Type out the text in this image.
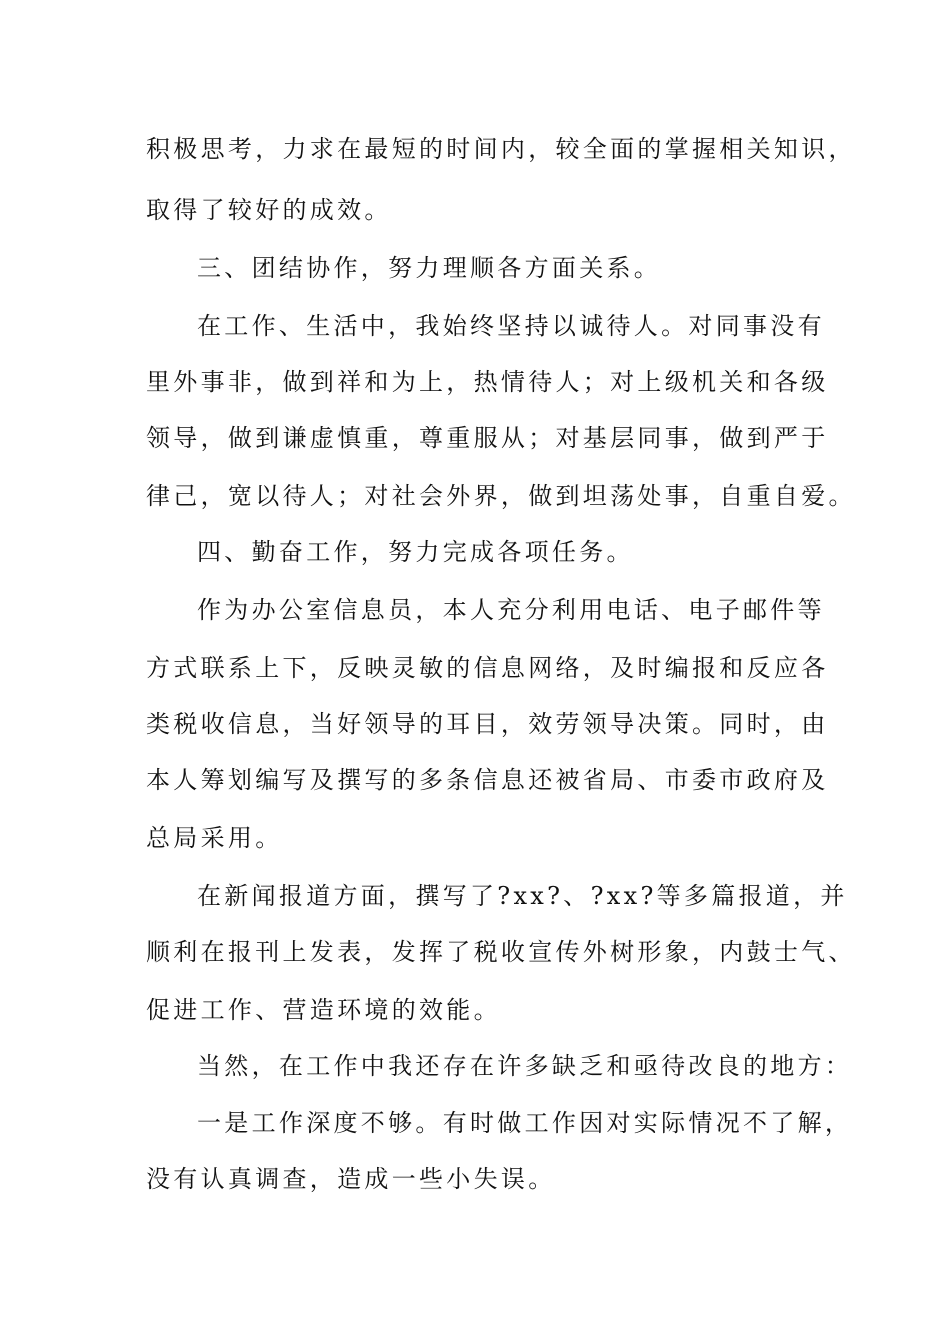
积极思考，力求在最短的时间内，较全面的掌握相关知识，
取得了较好的成效。
三、团结协作，努力理顺各方面关系。
在工作、生活中，我始终坚持以诚待人。对同事没有
里外事非，做到祥和为上，热情待人；对上级机关和各级
领导，做到谦虚慎重，尊重服从；对基层同事，做到严于
律己，宽以待人；对社会外界，做到坦荡处事，自重自爱。
四、勤奋工作，努力完成各项任务。
作为办公室信息员，本人充分利用电话、电子邮件等
方式联系上下，反映灵敏的信息网络，及时编报和反应各
类税收信息，当好领导的耳目，效劳领导决策。同时，由
本人筹划编写及撰写的多条信息还被省局、市委市政府及
总局采用。
在新闻报道方面，撰写了?xx?、?xx?等多篇报道，并
顺利在报刊上发表，发挥了税收宣传外树形象，内鼓士气、
促进工作、营造环境的效能。
当然，在工作中我还存在许多缺乏和亟待改良的地方：
一是工作深度不够。有时做工作因对实际情况不了解，
没有认真调查，造成一些小失误。
